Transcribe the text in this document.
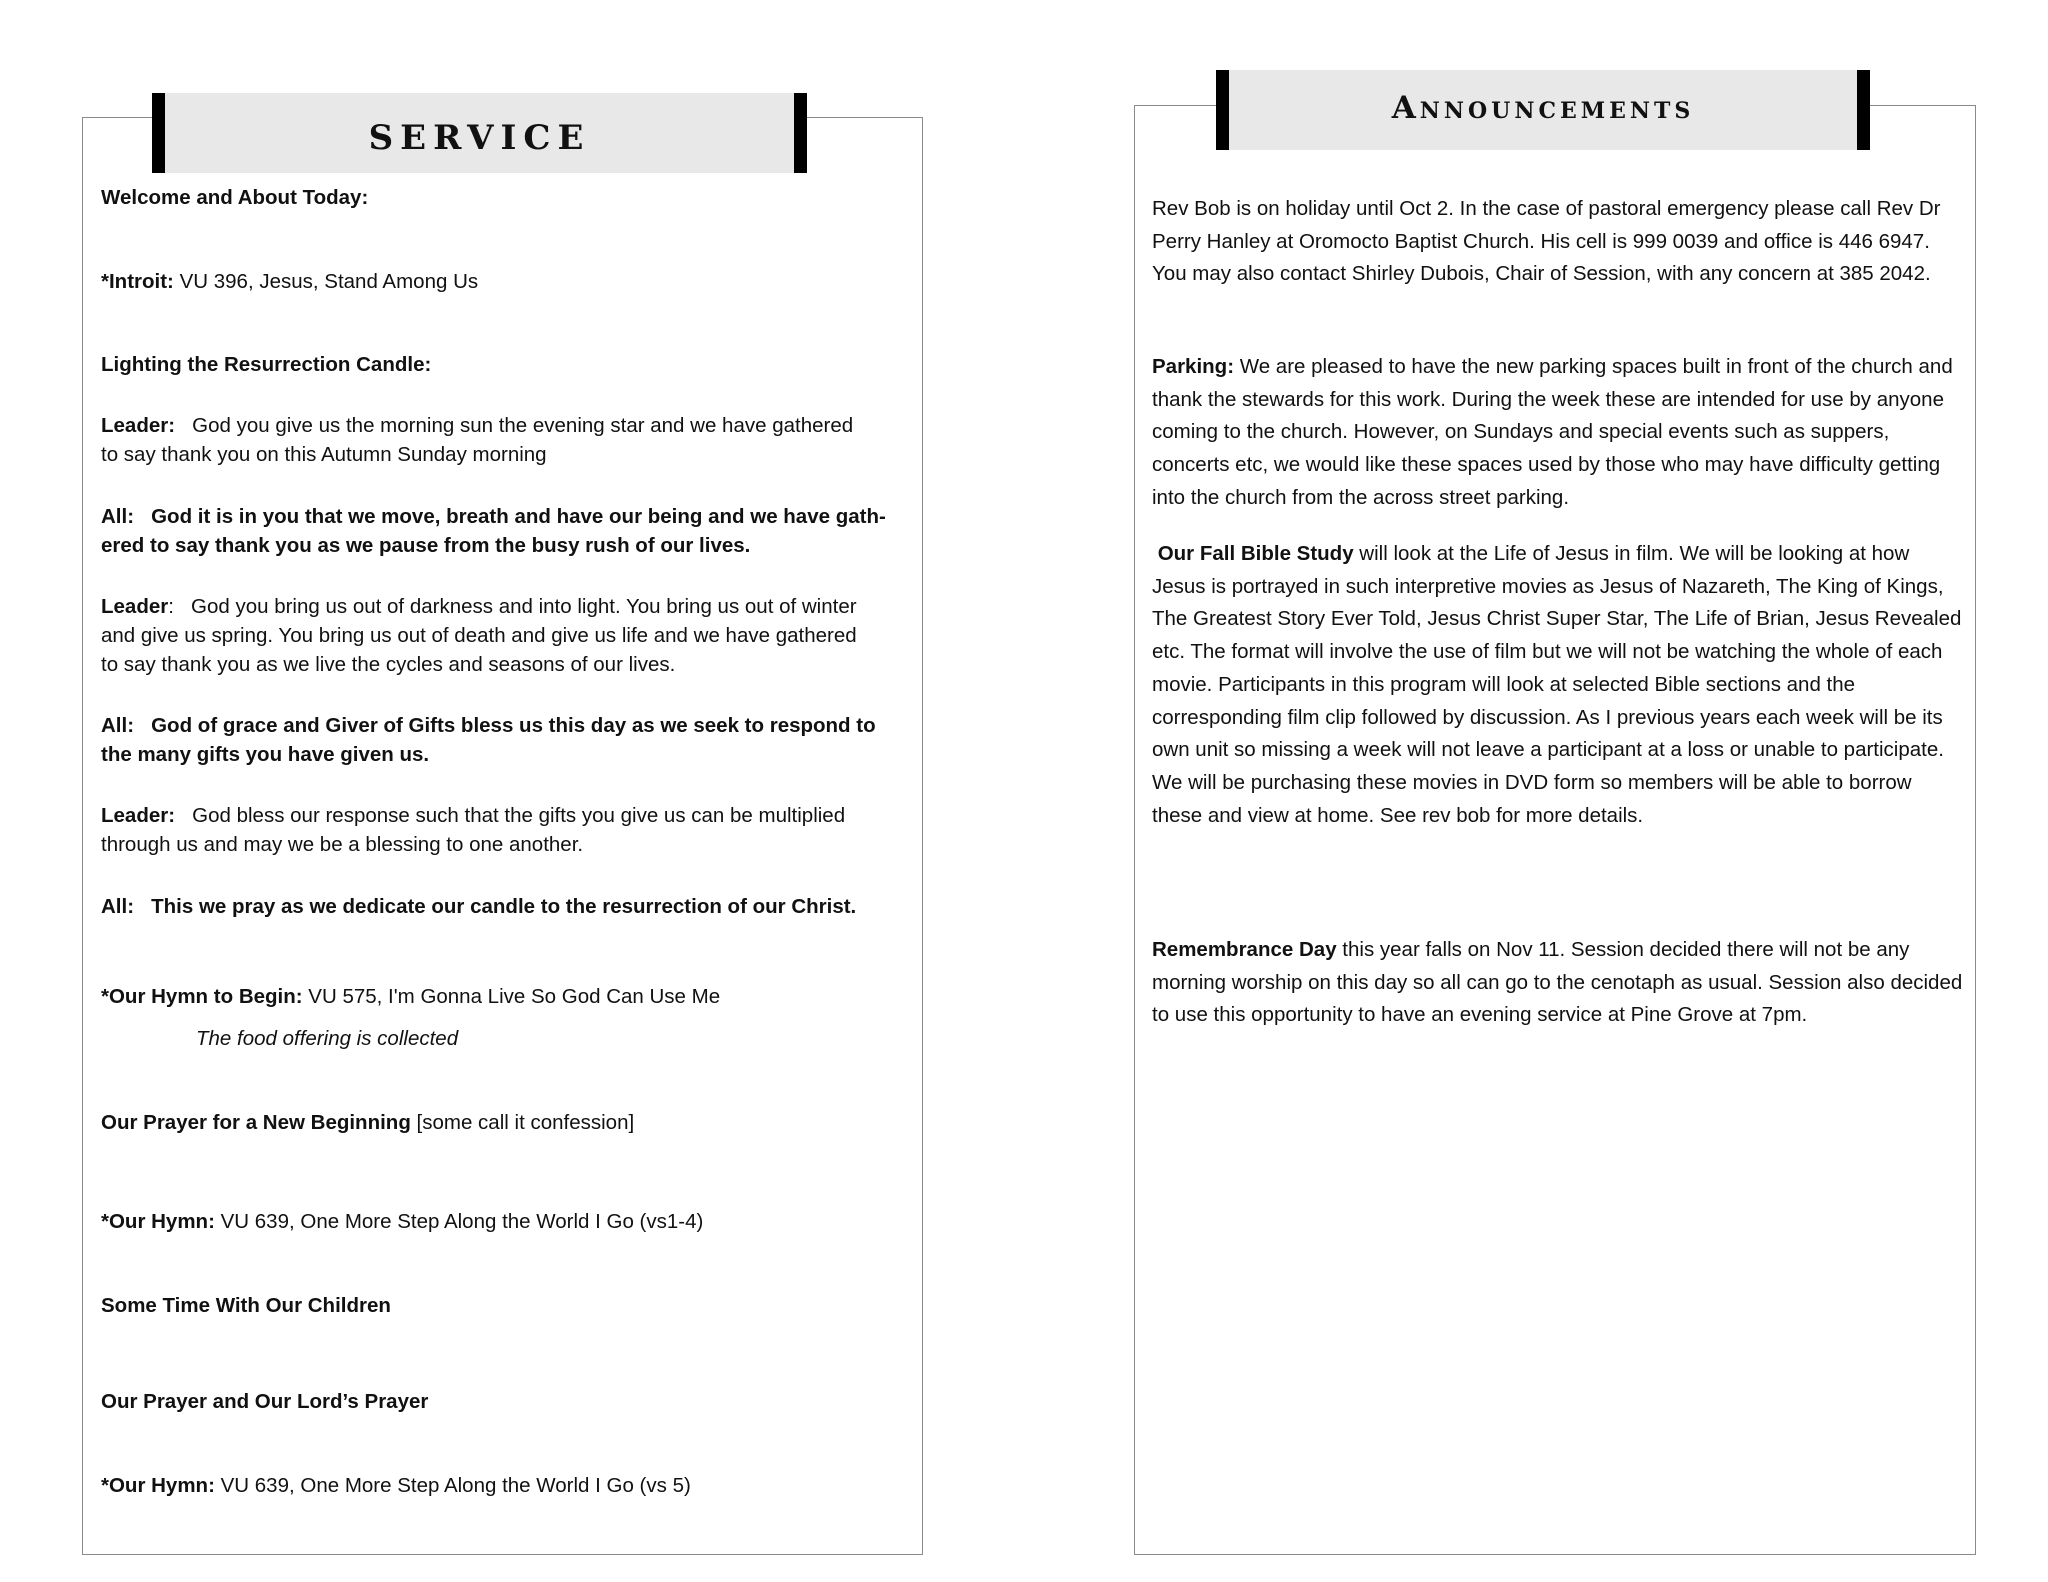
SERVICE
Welcome and About Today:
*Introit: VU 396, Jesus, Stand Among Us
Lighting the Resurrection Candle:
Leader:   God you give us the morning sun the evening star and we have gathered
to say thank you on this Autumn Sunday morning
All:   God it is in you that we move, breath and have our being and we have gath-
ered to say thank you as we pause from the busy rush of our lives.
Leader:   God you bring us out of darkness and into light. You bring us out of winter
and give us spring. You bring us out of death and give us life and we have gathered
to say thank you as we live the cycles and seasons of our lives.
All:   God of grace and Giver of Gifts bless us this day as we seek to respond to
the many gifts you have given us.
Leader:   God bless our response such that the gifts you give us can be multiplied
through us and may we be a blessing to one another.
All:   This we pray as we dedicate our candle to the resurrection of our Christ.
*Our Hymn to Begin: VU 575, I'm Gonna Live So God Can Use Me
The food offering is collected
Our Prayer for a New Beginning [some call it confession]
*Our Hymn: VU 639, One More Step Along the World I Go (vs1-4)
Some Time With Our Children
Our Prayer and Our Lord’s Prayer
*Our Hymn: VU 639, One More Step Along the World I Go (vs 5)
Announcements
Rev Bob is on holiday until Oct 2. In the case of pastoral emergency please call Rev Dr Perry Hanley at Oromocto Baptist Church. His cell is 999 0039 and office is 446 6947. You may also contact Shirley Dubois, Chair of Session, with any concern at 385 2042.
Parking: We are pleased to have the new parking spaces built in front of the church and thank the stewards for this work. During the week these are intended for use by anyone coming to the church. However, on Sundays and special events such as suppers, concerts etc, we would like these spaces used by those who may have difficulty getting into the church from the across street parking.
Our Fall Bible Study will look at the Life of Jesus in film. We will be looking at how Jesus is portrayed in such interpretive movies as Jesus of Nazareth, The King of Kings, The Greatest Story Ever Told, Jesus Christ Super Star, The Life of Brian, Jesus Revealed etc. The format will involve the use of film but we will not be watching the whole of each movie. Participants in this program will look at selected Bible sections and the corresponding film clip followed by discussion. As I previous years each week will be its own unit so missing a week will not leave a participant at a loss or unable to participate. We will be purchasing these movies in DVD form so members will be able to borrow these and view at home. See rev bob for more details.
Remembrance Day this year falls on Nov 11. Session decided there will not be any morning worship on this day so all can go to the cenotaph as usual. Session also decided to use this opportunity to have an evening service at Pine Grove at 7pm.
